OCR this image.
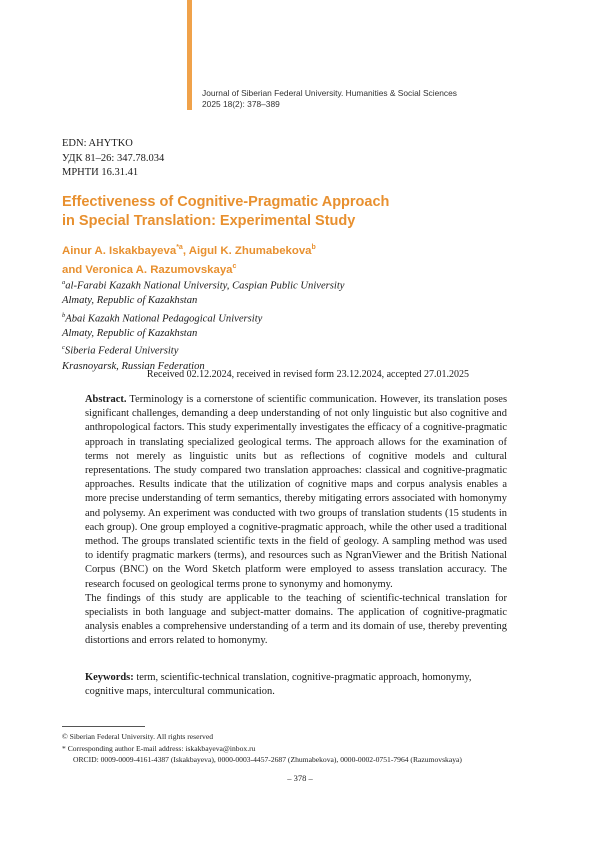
Journal of Siberian Federal University. Humanities & Social Sciences
2025 18(2): 378–389
EDN: AHYTKO
УДК 81–26: 347.78.034
МРНТИ 16.31.41
Effectiveness of Cognitive-Pragmatic Approach
in Special Translation: Experimental Study
Ainur A. Iskakbayeva$^{*a}$, Aigul K. Zhumabekova$^b$
and Veronica A. Razumovskaya$^c$
$^a$al-Farabi Kazakh National University, Caspian Public University
Almaty, Republic of Kazakhstan
$^b$Abai Kazakh National Pedagogical University
Almaty, Republic of Kazakhstan
$^c$Siberia Federal University
Krasnoyarsk, Russian Federation
Received 02.12.2024, received in revised form 23.12.2024, accepted 27.01.2025

Abstract. Terminology is a cornerstone of scientific communication. However, its translation poses significant challenges, demanding a deep understanding of not only linguistic but also cognitive and anthropological factors. This study experimentally investigates the efficacy of a cognitive-pragmatic approach in translating specialized geological terms. The approach allows for the examination of terms not merely as linguistic units but as reflections of cognitive models and cultural representations. The study compared two translation approaches: classical and cognitive-pragmatic approaches. Results indicate that the utilization of cognitive maps and corpus analysis enables a more precise understanding of term semantics, thereby mitigating errors associated with homonymy and polysemy. An experiment was conducted with two groups of translation students (15 students in each group). One group employed a cognitive-pragmatic approach, while the other used a traditional method. The groups translated scientific texts in the field of geology. A sampling method was used to identify pragmatic markers (terms), and resources such as NgranViewer and the British National Corpus (BNC) on the Word Sketch platform were employed to assess translation accuracy. The research focused on geological terms prone to synonymy and homonymy.

The findings of this study are applicable to the teaching of scientific-technical translation for specialists in both language and subject-matter domains. The application of cognitive-pragmatic analysis enables a comprehensive understanding of a term and its domain of use, thereby preventing distortions and errors related to homonymy.

Keywords: term, scientific-technical translation, cognitive-pragmatic approach, homonymy, cognitive maps, intercultural communication.
© Siberian Federal University. All rights reserved
* Corresponding author E-mail address: iskakbayeva@inbox.ru
ORCID: 0009-0009-4161-4387 (Iskakbayeva), 0000-0003-4457-2687 (Zhumabekova), 0000-0002-0751-7964 (Razumovskaya)
– 378 –
